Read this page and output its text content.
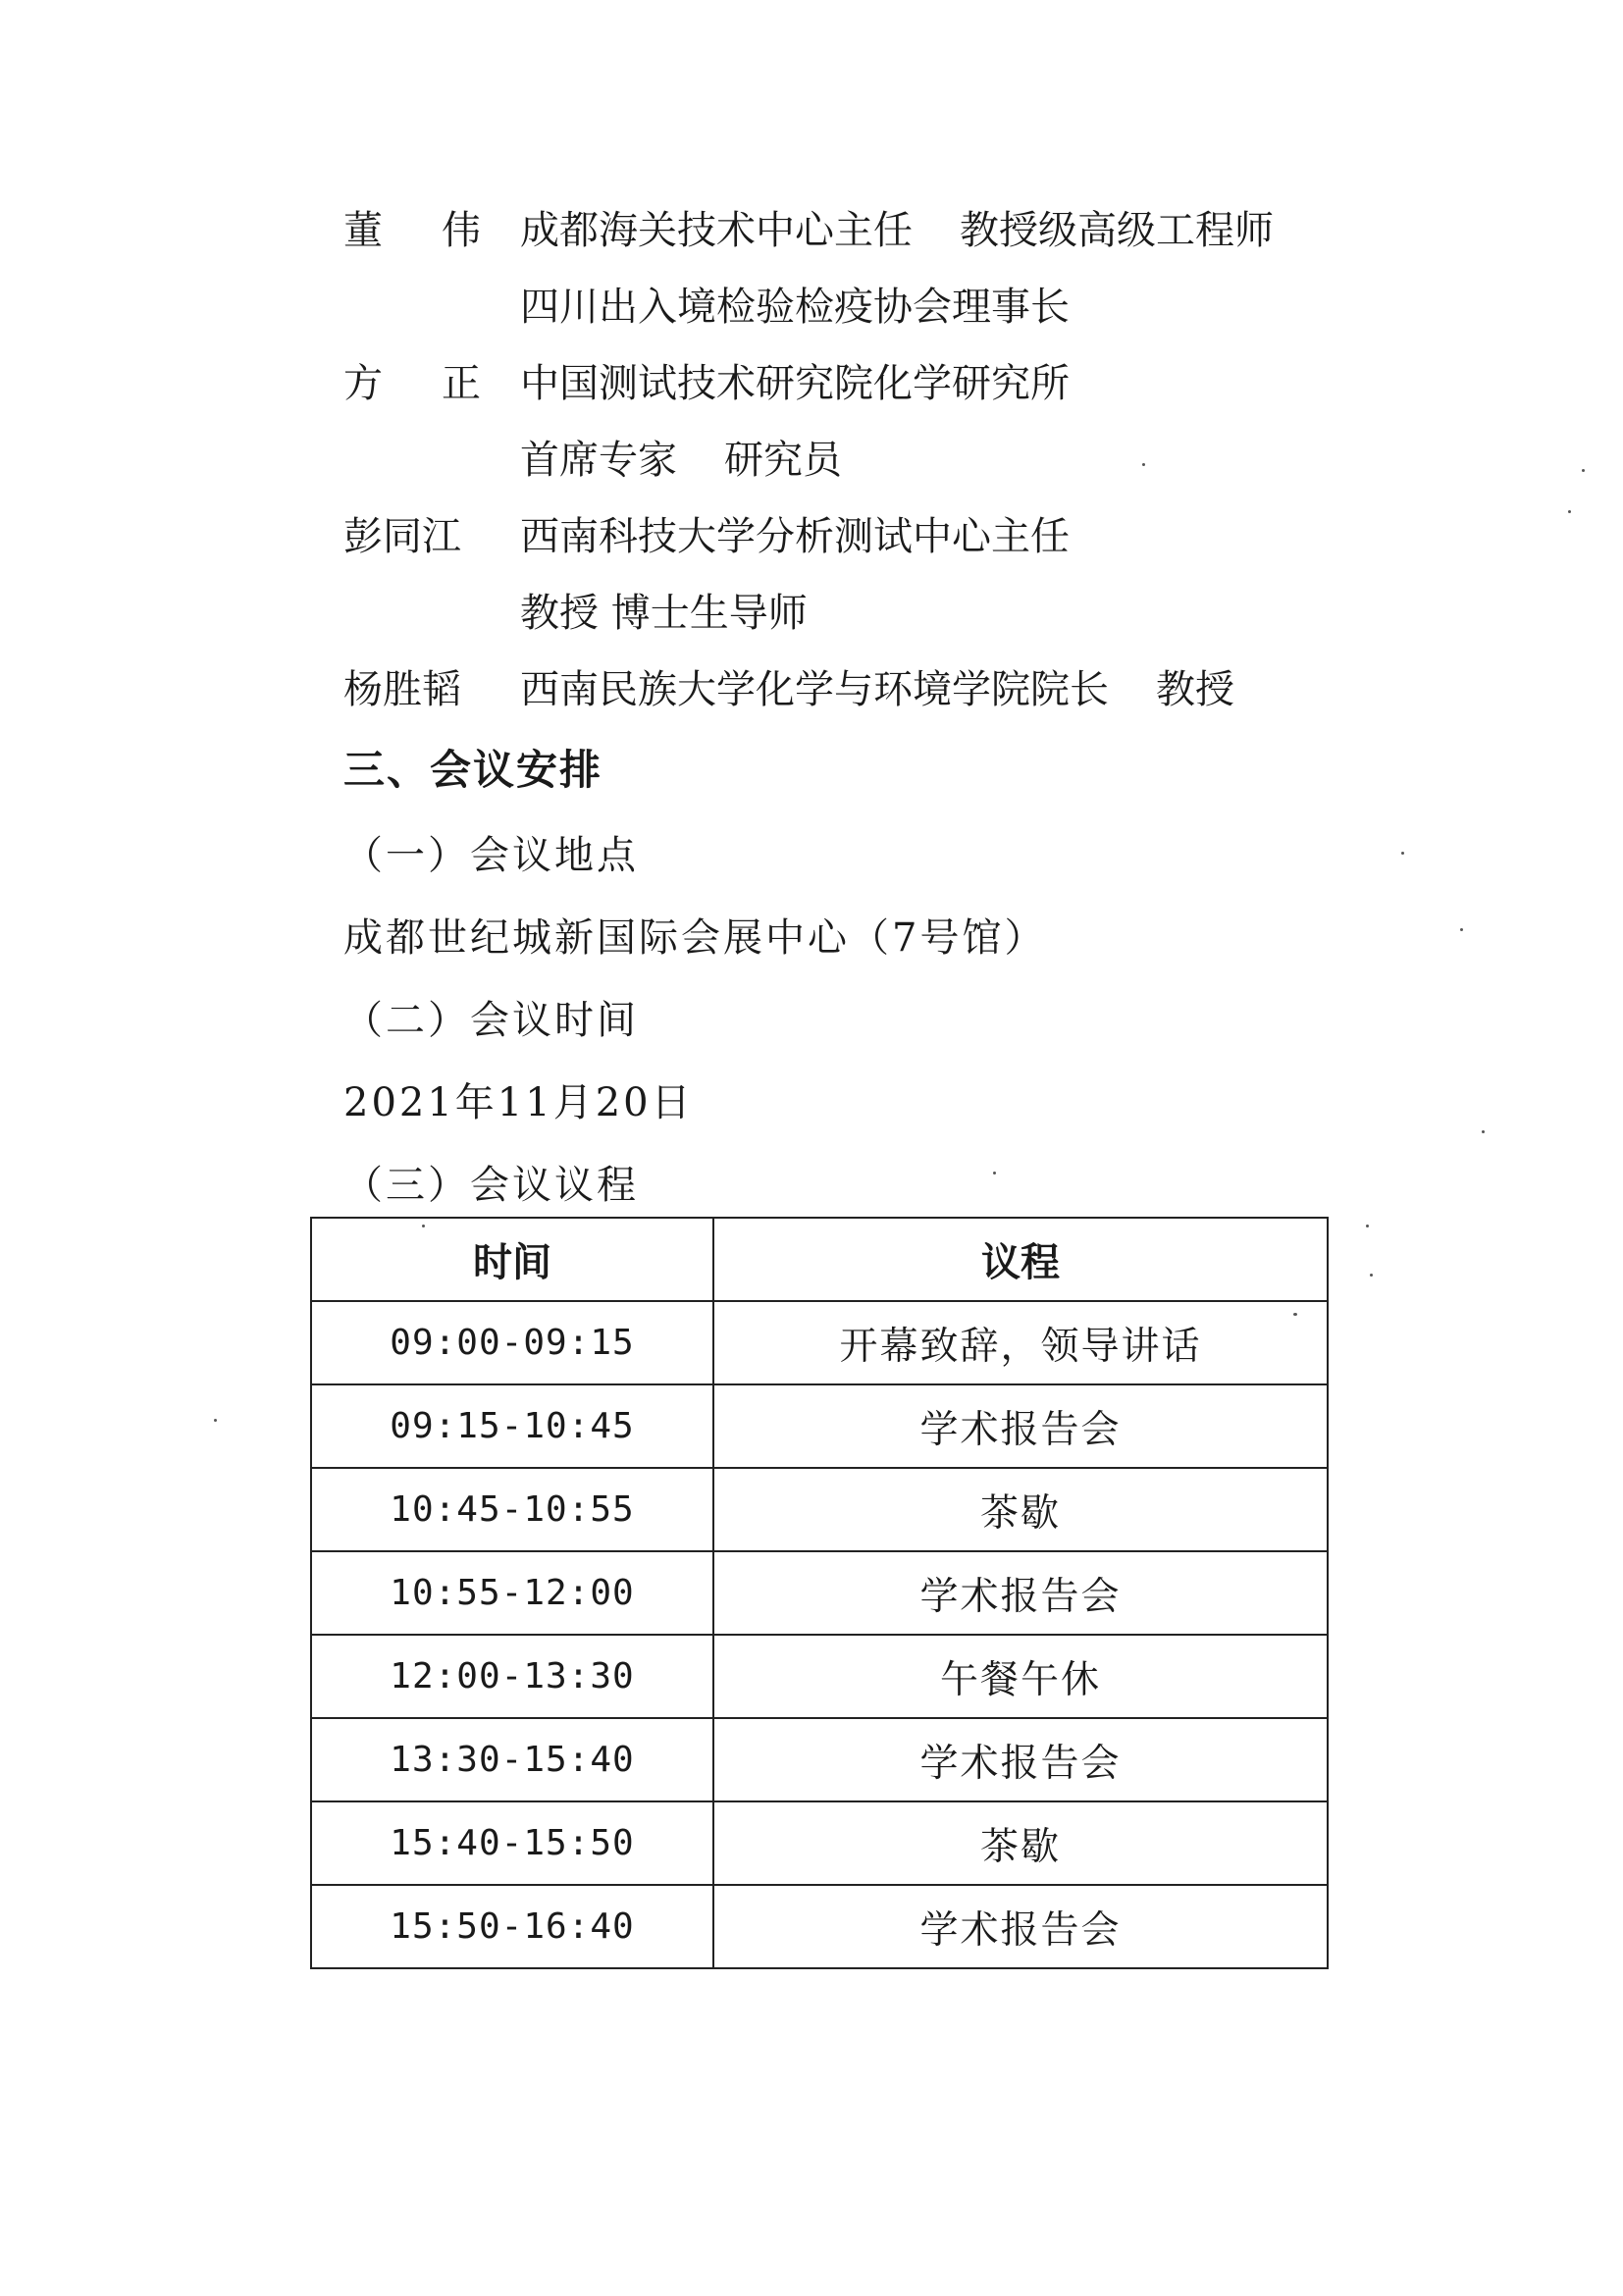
董 伟 成都海关技术中心主任 教授级高级工程师
四川出入境检验检疫协会理事长
方 正 中国测试技术研究院化学研究所
首席专家 研究员
彭同江 西南科技大学分析测试中心主任
教授 博士生导师
杨胜韬 西南民族大学化学与环境学院院长 教授
三、会议安排
（一）会议地点
成都世纪城新国际会展中心（7号馆）
（二）会议时间
2021年11月20日
（三）会议议程
时间	议程
09:00-09:15	开幕致辞，领导讲话
09:15-10:45	学术报告会
10:45-10:55	茶歇
10:55-12:00	学术报告会
12:00-13:30	午餐午休
13:30-15:40	学术报告会
15:40-15:50	茶歇
15:50-16:40	学术报告会
